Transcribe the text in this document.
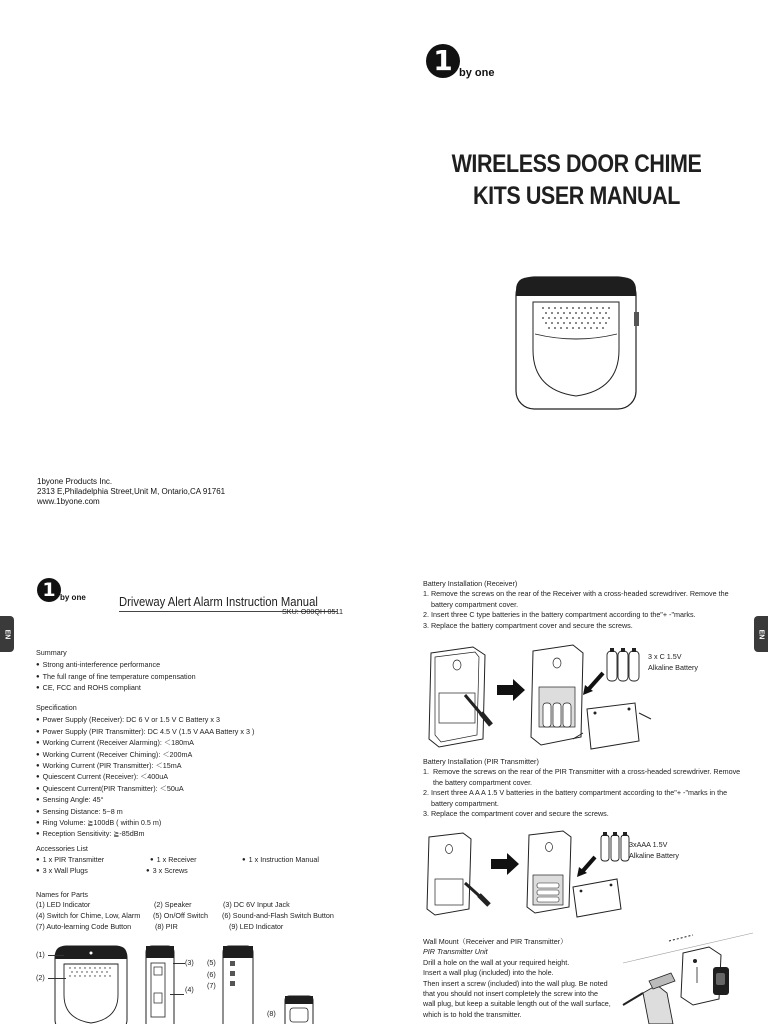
1byone Products Inc.
2313 E,Philadelphia Street,Unit M, Ontario,CA 91761
www.1byone.com
1 by one
WIRELESS DOOR CHIME
KITS USER MANUAL
1 by one	Driveway Alert Alarm Instruction Manual
SKU: O00QH-0511
EN
Summary
● Strong anti-interference performance
● The full range of fine temperature compensation
● CE, FCC and ROHS compliant
Specification
● Power Supply (Receiver): DC 6 V or 1.5 V C Battery x 3
● Power Supply (PIR Transmitter): DC 4.5 V (1.5 V AAA Battery x 3 )
● Working Current (Receiver Alarming): ＜180mA
● Working Current (Receiver Chiming): ＜200mA
● Working Current (PIR Transmitter): ＜15mA
● Quiescent Current (Receiver): ＜400uA
● Quiescent Current(PIR Transmitter): ＜50uA
● Sensing Angle: 45°
● Sensing Distance: 5~8 m
● Ring Volume: ≧100dB ( within 0.5 m)
● Reception Sensitivity: ≧-85dBm
Accessories List
● 1 x PIR Transmitter	● 1 x Receiver	● 1 x Instruction Manual
● 3 x Wall Plugs	● 3 x Screws
Names for Parts
(1) LED Indicator	(2) Speaker	(3) DC 6V Input Jack
(4) Switch for Chime, Low, Alarm (5) On/Off Switch (6) Sound-and-Flash Switch Button
(7) Auto-learning Code Button	(8) PIR	(9) LED Indicator
(1)
(2)
(3)
(4)
(5)
(6)
(7)
(8)
EN
Battery Installation (Receiver)
1. Remove the screws on the rear of the Receiver with a cross-headed screwdriver. Remove the
battery compartment cover.
2. Insert three C type batteries in the battery compartment according to the"+ -"marks.
3. Replace the battery compartment cover and secure the screws.
3 x C 1.5V
Alkaline Battery
Battery Installation (PIR Transmitter)
1.  Remove the screws on the rear of the PIR Transmitter with a cross-headed screwdriver. Remove
the battery compartment cover.
2. Insert three A A A 1.5 V batteries in the battery compartment according to the"+ -"marks in the
battery compartment.
3. Replace the compartment cover and secure the screws.
3xAAA 1.5V
Alkaline Battery
Wall Mount（Receiver and PIR Transmitter）
PIR Transmitter Unit
Drill a hole on the wall at your required height.
Insert a wall plug (included) into the hole.
Then insert a screw (included) into the wall plug. Be noted
that you should not insert completely the screw into the
wall plug, but keep a suitable length out of the wall surface,
which is to hold the transmitter.
